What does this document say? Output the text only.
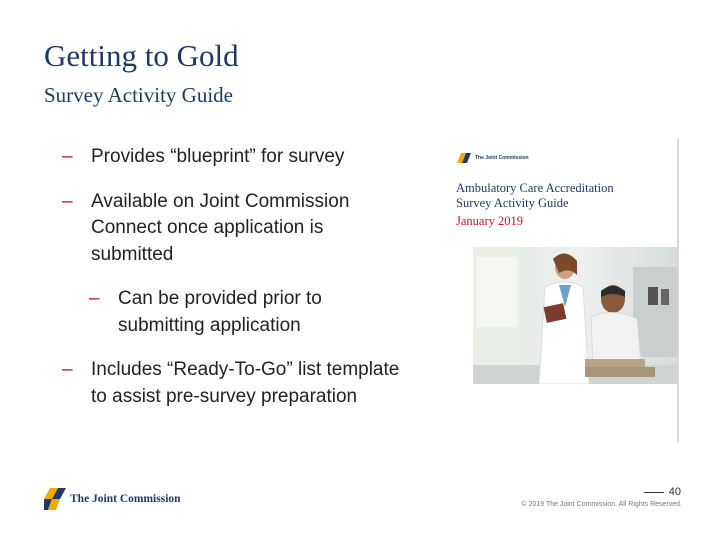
Getting to Gold
Survey Activity Guide
– Provides “blueprint” for survey
– Available on Joint Commission Connect once application is submitted
– Can be provided prior to submitting application
– Includes “Ready-To-Go” list template to assist pre-survey preparation
The Joint Commission
Ambulatory Care Accreditation
Survey Activity Guide
January 2019
The Joint Commission
40
© 2019 The Joint Commission. All Rights Reserved.
